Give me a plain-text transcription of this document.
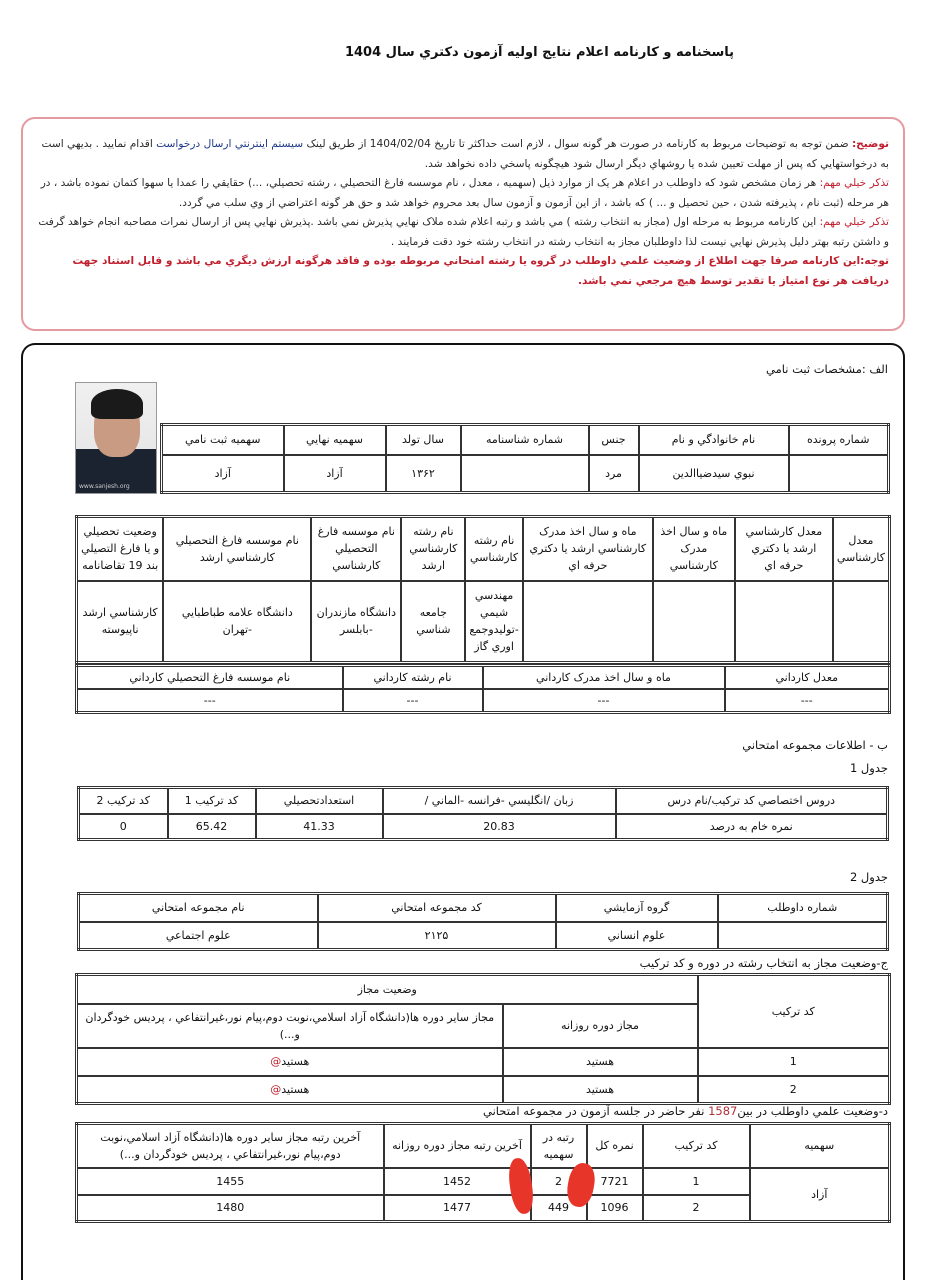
پاسخنامه و کارنامه اعلام نتايج اوليه آزمون دکتري سال 1404

توضيح: ضمن توجه به توضيحات مربوط به کارنامه در صورت هر گونه سوال ، لازم است حداکثر تا تاريخ 1404/02/04 از طريق لينک سيستم اينترنتي ارسال درخواست اقدام نماييد . بديهي است به درخواستهايي که پس از مهلت تعيين شده يا روشهاي ديگر ارسال شود هيچگونه پاسخي داده نخواهد شد.

تذکر خيلي مهم: هر زمان مشخص شود که داوطلب در اعلام هر يک از موارد ذيل (سهميه ، معدل ، نام موسسه فارغ التحصيلي ، رشته تحصيلي، ...) حقايقي را عمدا يا سهوا کتمان نموده باشد ، در هر مرحله (ثبت نام ، پذيرفته شدن ، حين تحصيل و ... ) که باشد ، از اين آزمون و آزمون سال بعد محروم خواهد شد و حق هر گونه اعتراضي از وي سلب مي گردد.

تذکر خيلي مهم: اين کارنامه مربوط به مرحله اول (مجاز به انتخاب رشته ) مي باشد و رتبه اعلام شده ملاک نهايي پذيرش نمي باشد .پذيرش نهايي پس از ارسال نمرات مصاحبه انجام خواهد گرفت و داشتن رتبه بهتر دليل پذيرش نهايي نيست لذا داوطلبان مجاز به انتخاب رشته در انتخاب رشته خود دقت فرمايند .

توجه:اين کارنامه صرفا جهت اطلاع از وضعيت علمي داوطلب در گروه يا رشته امتحاني مربوطه بوده و فاقد هرگونه ارزش ديگري مي باشد و قابل استناد جهت دريافت هر نوع امتياز يا تقدير توسط هيچ مرجعي نمي باشد.

الف :مشخصات ثبت نامي
www.sanjesh.org
شماره پرونده	نام خانوادگي و نام	جنس	شماره شناسنامه	سال تولد	سهميه نهايي	سهميه ثبت نامي
	نبوي سيدضياالدين	مرد		۱۳۶۲	آزاد	آزاد
معدل کارشناسي	معدل کارشناسي ارشد يا دکتري حرفه اي	ماه و سال اخذ مدرک کارشناسي	ماه و سال اخذ مدرک کارشناسي ارشد يا دکتري حرفه اي	نام رشته کارشناسي	نام رشته کارشناسي ارشد	نام موسسه فارغ التحصيلي کارشناسي	نام موسسه فارغ التحصيلي کارشناسي ارشد	وضعيت تحصيلي و يا فارغ التصيلي بند 19 تقاضانامه
				مهندسي شيمي -توليدوجمع اوري گاز	جامعه شناسي	دانشگاه مازندران -بابلسر	دانشگاه علامه طباطبايي -تهران	کارشناسي ارشد ناپيوسته
معدل کارداني	ماه و سال اخذ مدرک کارداني	نام رشته کارداني	نام موسسه فارغ التحصيلي کارداني
---	---	---	---
ب - اطلاعات مجموعه امتحاني
جدول 1
دروس اختصاصي کد ترکيب/نام درس	زبان /انگليسي -فرانسه -الماني /	استعدادتحصيلي	کد ترکيب 1	کد ترکيب 2
نمره خام به درصد	20.83	41.33	65.42	0
جدول 2
شماره داوطلب	گروه آزمايشي	کد مجموعه امتحاني	نام مجموعه امتحاني
	علوم انساني	۲۱۲۵	علوم اجتماعي
ج-وضعيت مجاز به انتخاب رشته در دوره و کد ترکيب
کد ترکيب	وضعيت مجاز	
	مجاز دوره روزانه	مجاز ساير دوره ها(دانشگاه آزاد اسلامي،نوبت دوم،پيام نور،غيرانتفاعي ، پرديس خودگردان و...)
1	هستيد	هستيد@
2	هستيد	هستيد@
د-وضعيت علمي داوطلب در بين1587 نفر حاضر در جلسه آزمون در مجموعه امتحاني
سهميه	کد ترکيب	نمره کل	رتبه در سهميه	آخرين رتبه مجاز دوره روزانه	آخرين رتبه مجاز ساير دوره ها(دانشگاه آزاد اسلامي،نوبت دوم،پيام نور،غيرانتفاعي ، پرديس خودگردان و...)
آزاد	1	7721	2	1452	1455
	2	1096	449	1477	1480
